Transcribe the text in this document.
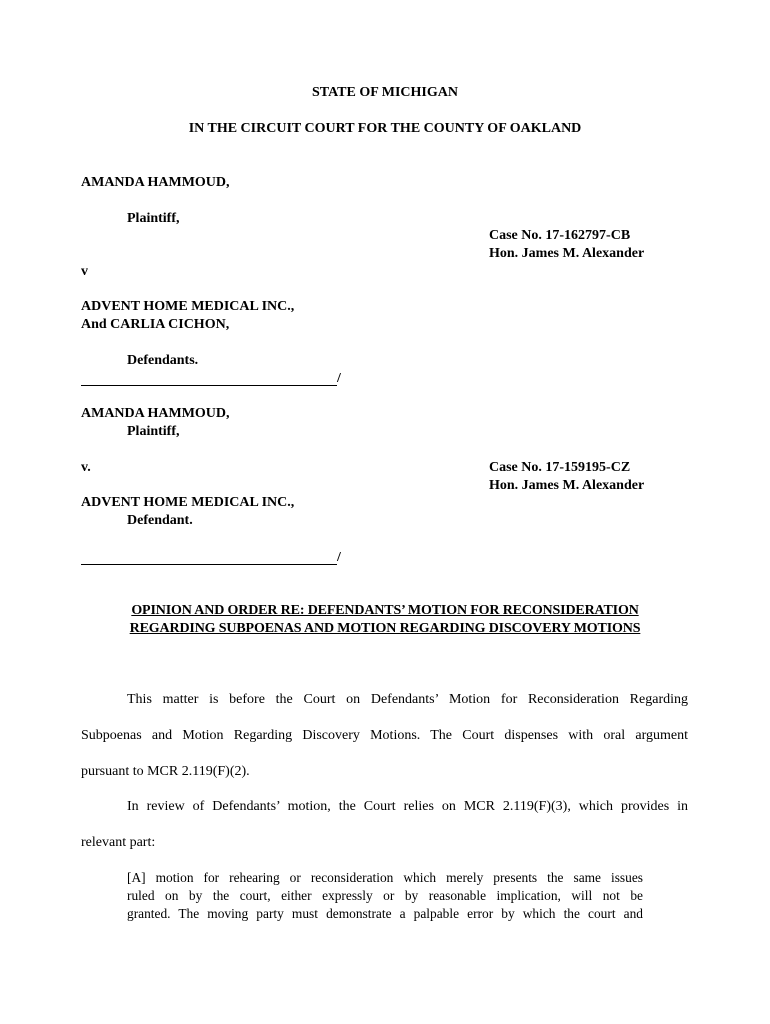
STATE OF MICHIGAN
IN THE CIRCUIT COURT FOR THE COUNTY OF OAKLAND
AMANDA HAMMOUD,
Plaintiff,
Case No. 17-162797-CB
Hon. James M. Alexander
v
ADVENT HOME MEDICAL INC.,
And CARLIA CICHON,
Defendants.
/
AMANDA HAMMOUD,
Plaintiff,
v.	Case No. 17-159195-CZ
Hon. James M. Alexander
ADVENT HOME MEDICAL INC.,
Defendant.
/
OPINION AND ORDER RE: DEFENDANTS’ MOTION FOR RECONSIDERATION
REGARDING SUBPOENAS AND MOTION REGARDING DISCOVERY MOTIONS
This matter is before the Court on Defendants’ Motion for Reconsideration Regarding
Subpoenas and Motion Regarding Discovery Motions. The Court dispenses with oral argument
pursuant to MCR 2.119(F)(2).
In review of Defendants’ motion, the Court relies on MCR 2.119(F)(3), which provides in
relevant part:
[A] motion for rehearing or reconsideration which merely presents the same issues
ruled on by the court, either expressly or by reasonable implication, will not be
granted. The moving party must demonstrate a palpable error by which the court and
